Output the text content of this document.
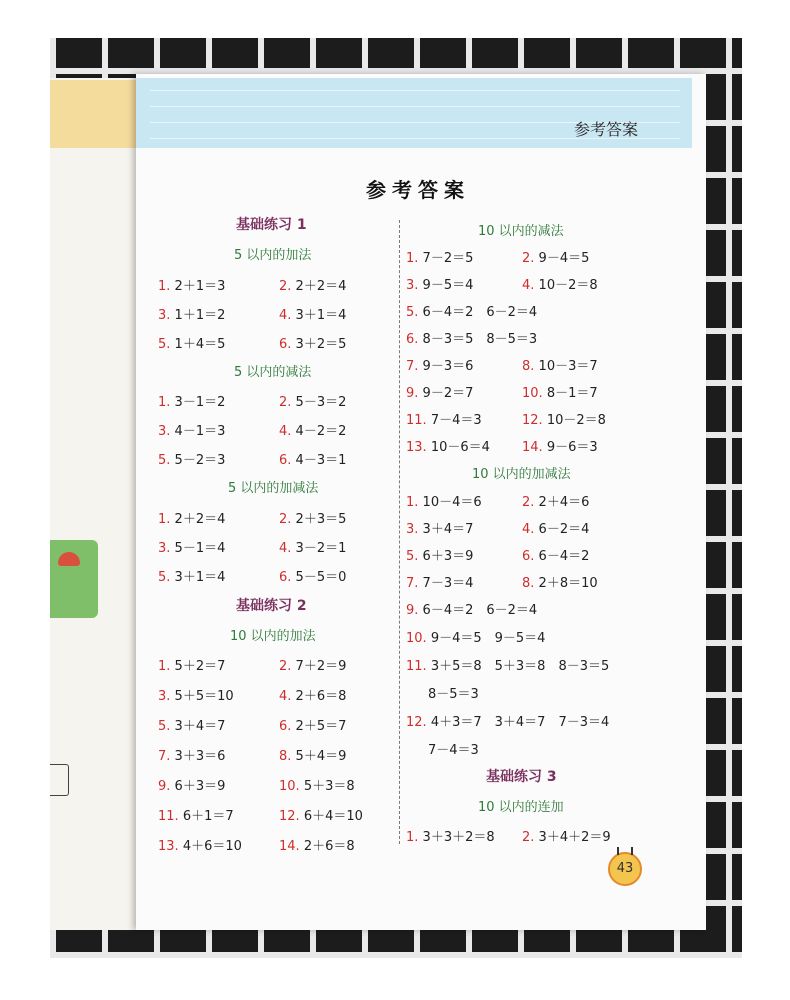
参考答案
参考答案
基础练习 1
5 以内的加法
1. 2＋1＝3	2. 2＋2＝4
3. 1＋1＝2	4. 3＋1＝4
5. 1＋4＝5	6. 3＋2＝5
5 以内的减法
1. 3－1＝2	2. 5－3＝2
3. 4－1＝3	4. 4－2＝2
5. 5－2＝3	6. 4－3＝1
5 以内的加减法
1. 2＋2＝4	2. 2＋3＝5
3. 5－1＝4	4. 3－2＝1
5. 3＋1＝4	6. 5－5＝0
基础练习 2
10 以内的加法
1. 5＋2＝7	2. 7＋2＝9
3. 5＋5＝10	4. 2＋6＝8
5. 3＋4＝7	6. 2＋5＝7
7. 3＋3＝6	8. 5＋4＝9
9. 6＋3＝9	10. 5＋3＝8
11. 6＋1＝7	12. 6＋4＝10
13. 4＋6＝10	14. 2＋6＝8
10 以内的减法
1. 7－2＝5	2. 9－4＝5
3. 9－5＝4	4. 10－2＝8
5. 6－4＝2　6－2＝4
6. 8－3＝5　8－5＝3
7. 9－3＝6	8. 10－3＝7
9. 9－2＝7	10. 8－1＝7
11. 7－4＝3	12. 10－2＝8
13. 10－6＝4 14. 9－6＝3
10 以内的加减法
1. 10－4＝6	2. 2＋4＝6
3. 3＋4＝7	4. 6－2＝4
5. 6＋3＝9	6. 6－4＝2
7. 7－3＝4	8. 2＋8＝10
9. 6－4＝2　6－2＝4
10. 9－4＝5　9－5＝4
11. 3＋5＝8　5＋3＝8　8－3＝5
8－5＝3
12. 4＋3＝7　3＋4＝7　7－3＝4
7－4＝3
基础练习 3
10 以内的连加
1. 3＋3＋2＝8 2. 3＋4＋2＝9
43
